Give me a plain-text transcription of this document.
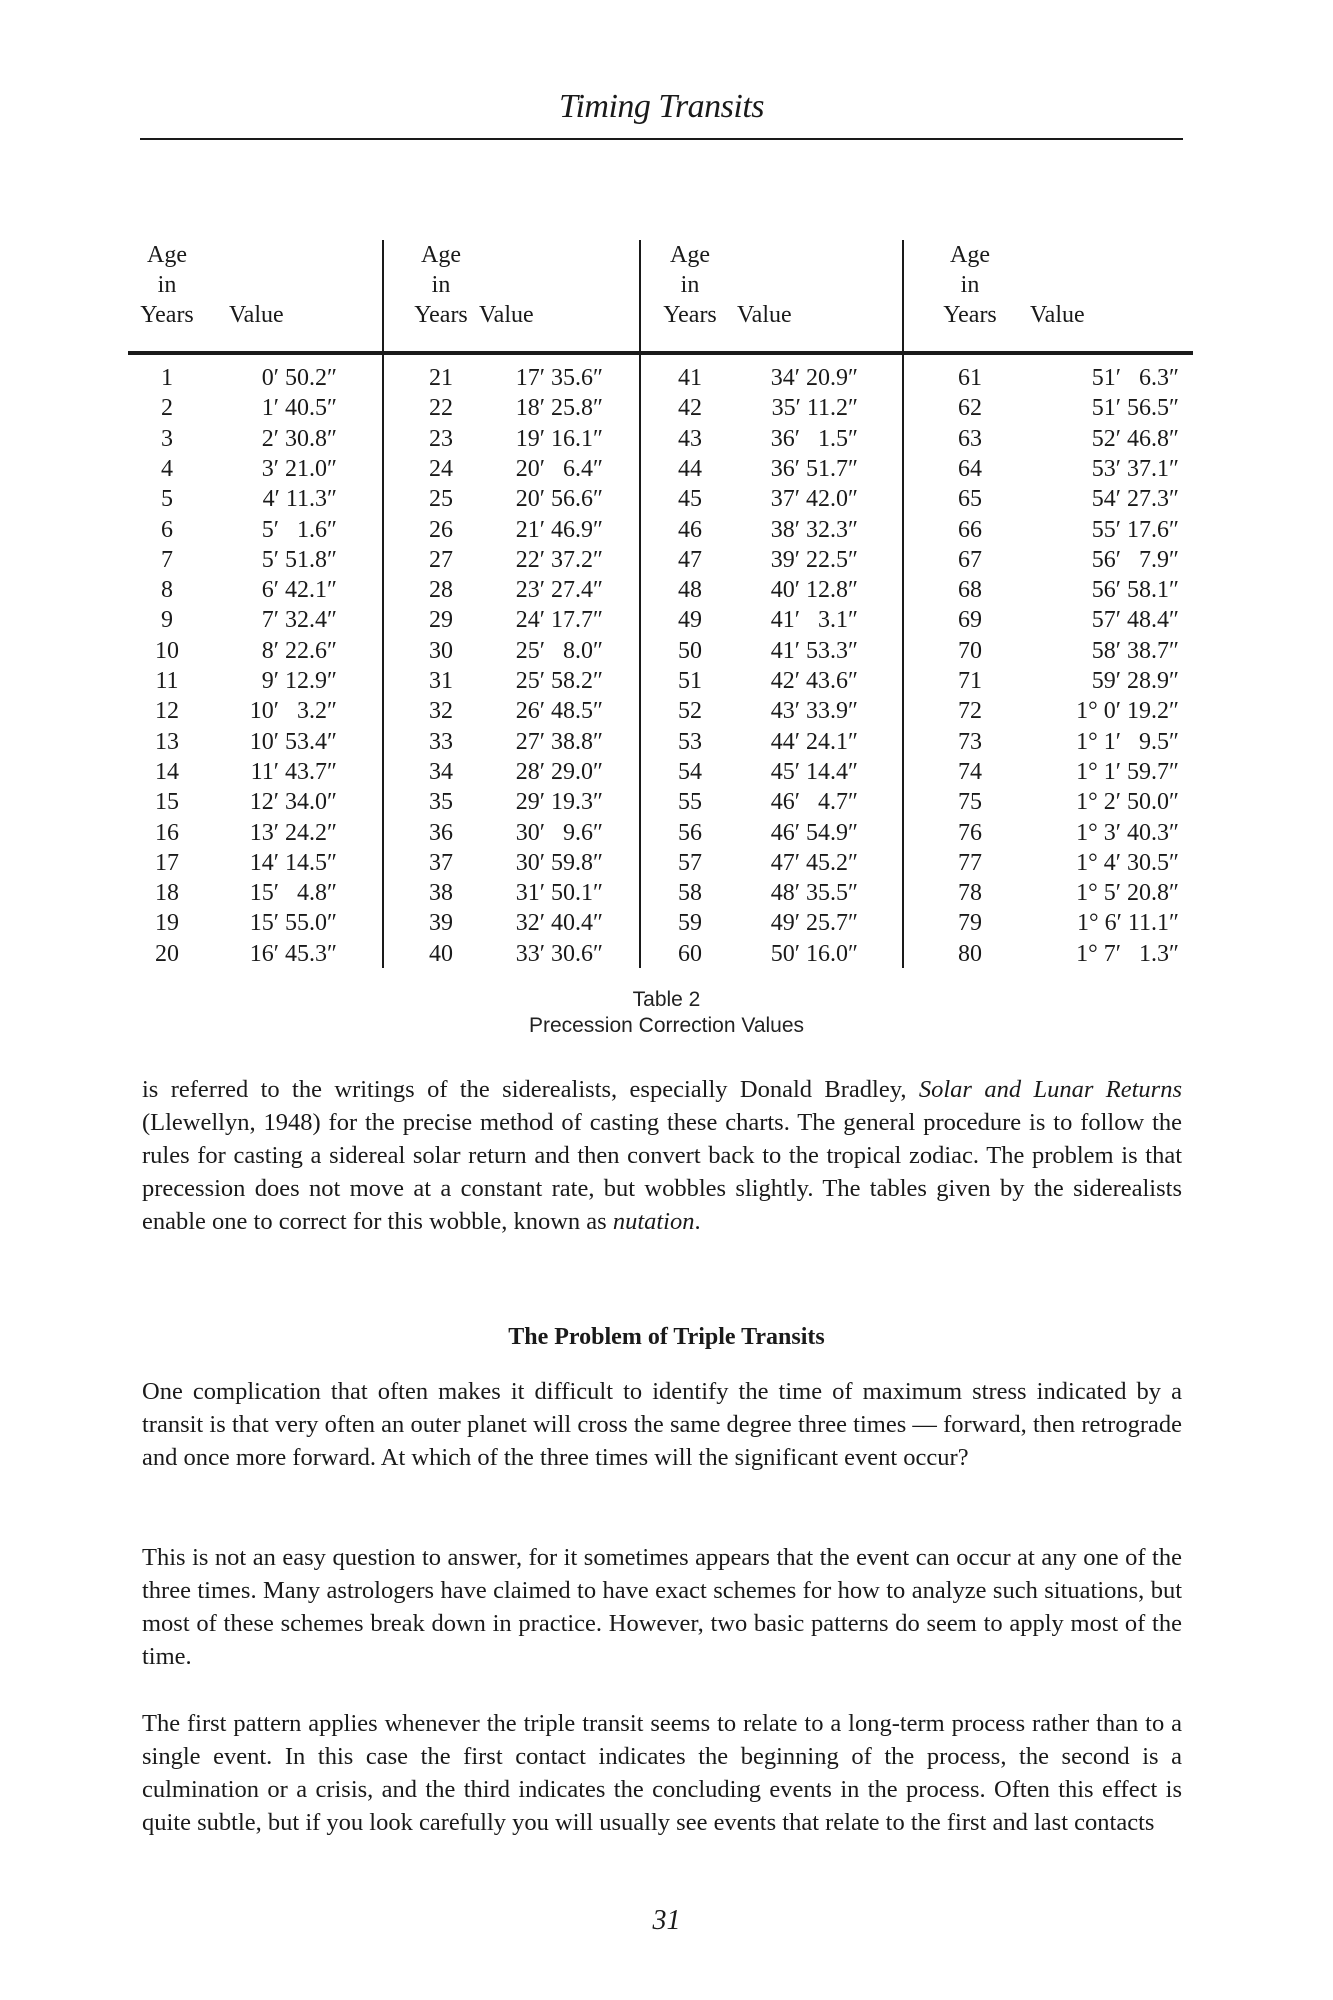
Timing Transits
Age
in
Years	Value
1	0′ 50.2″
2	1′ 40.5″
3	2′ 30.8″
4	3′ 21.0″
5	4′ 11.3″
6	5′   1.6″
7	5′ 51.8″
8	6′ 42.1″
9	7′ 32.4″
10	8′ 22.6″
11	9′ 12.9″
12	10′   3.2″
13	10′ 53.4″
14	11′ 43.7″
15	12′ 34.0″
16	13′ 24.2″
17	14′ 14.5″
18	15′   4.8″
19	15′ 55.0″
20	16′ 45.3″
Age
in
Years Value
21	17′ 35.6″
22	18′ 25.8″
23	19′ 16.1″
24	20′   6.4″
25	20′ 56.6″
26	21′ 46.9″
27	22′ 37.2″
28	23′ 27.4″
29	24′ 17.7″
30	25′   8.0″
31	25′ 58.2″
32	26′ 48.5″
33	27′ 38.8″
34	28′ 29.0″
35	29′ 19.3″
36	30′   9.6″
37	30′ 59.8″
38	31′ 50.1″
39	32′ 40.4″
40	33′ 30.6″
Age
in
Years Value
41	34′ 20.9″
42	35′ 11.2″
43	36′   1.5″
44	36′ 51.7″
45	37′ 42.0″
46	38′ 32.3″
47	39′ 22.5″
48	40′ 12.8″
49	41′   3.1″
50	41′ 53.3″
51	42′ 43.6″
52	43′ 33.9″
53	44′ 24.1″
54	45′ 14.4″
55	46′   4.7″
56	46′ 54.9″
57	47′ 45.2″
58	48′ 35.5″
59	49′ 25.7″
60	50′ 16.0″
Age
in
Years	Value
61	51′   6.3″
62	51′ 56.5″
63	52′ 46.8″
64	53′ 37.1″
65	54′ 27.3″
66	55′ 17.6″
67	56′   7.9″
68	56′ 58.1″
69	57′ 48.4″
70	58′ 38.7″
71	59′ 28.9″
72	1° 0′ 19.2″
73	1° 1′   9.5″
74	1° 1′ 59.7″
75	1° 2′ 50.0″
76	1° 3′ 40.3″
77	1° 4′ 30.5″
78	1° 5′ 20.8″
79	1° 6′ 11.1″
80	1° 7′   1.3″
Table 2
Precession Correction Values

is referred to the writings of the siderealists, especially Donald Bradley, Solar and Lunar Returns (Llewellyn, 1948) for the precise method of casting these charts. The general procedure is to follow the rules for casting a sidereal solar return and then convert back to the tropical zodiac. The problem is that precession does not move at a constant rate, but wobbles slightly. The tables given by the siderealists enable one to correct for this wobble, known as nutation.

The Problem of Triple Transits

One complication that often makes it difficult to identify the time of maximum stress indicated by a transit is that very often an outer planet will cross the same degree three times — forward, then retrograde and once more forward. At which of the three times will the significant event occur?

This is not an easy question to answer, for it sometimes appears that the event can occur at any one of the three times. Many astrologers have claimed to have exact schemes for how to analyze such situations, but most of these schemes break down in practice. However, two basic patterns do seem to apply most of the time.

The first pattern applies whenever the triple transit seems to relate to a long-term process rather than to a single event. In this case the first contact indicates the beginning of the process, the second is a culmination or a crisis, and the third indicates the concluding events in the process. Often this effect is quite subtle, but if you look carefully you will usually see events that relate to the first and last contacts

31
